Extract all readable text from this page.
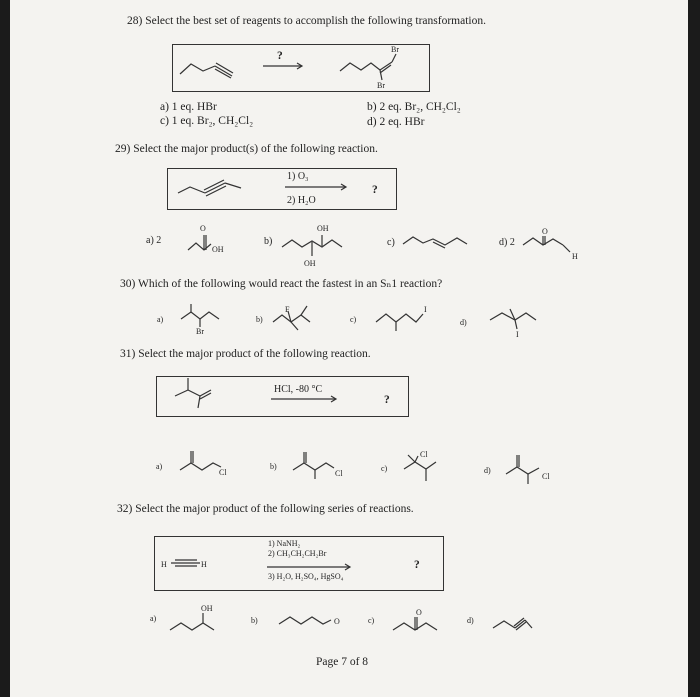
28) Select the best set of reagents to accomplish the following transformation.
?
Br
Br
a) 1 eq. HBr	b) 2 eq. Br₂, CH₂Cl₂
c) 1 eq. Br₂, CH₂Cl₂	d) 2 eq. HBr
29) Select the major product(s) of the following reaction.
1) O₃
2) H₂O
?
a) 2
O
OH
b)
OH
OH
c)	d) 2
O
H
30) Which of the following would react the fastest in an Sₙ1 reaction?
a)
Br
b)
F
c)
I
d)
I
31) Select the major product of the following reaction.
HCl, -80 °C
?
a)
Cl
b)
Cl
c)
Cl
d)
Cl
32) Select the major product of the following series of reactions.
H	H
1) NaNH₂
2) CH₃CH₂CH₂Br
3) H₂O, H₂SO₄, HgSO₄
?
a)
OH
b)	O	c)
O
d)
Page 7 of 8
